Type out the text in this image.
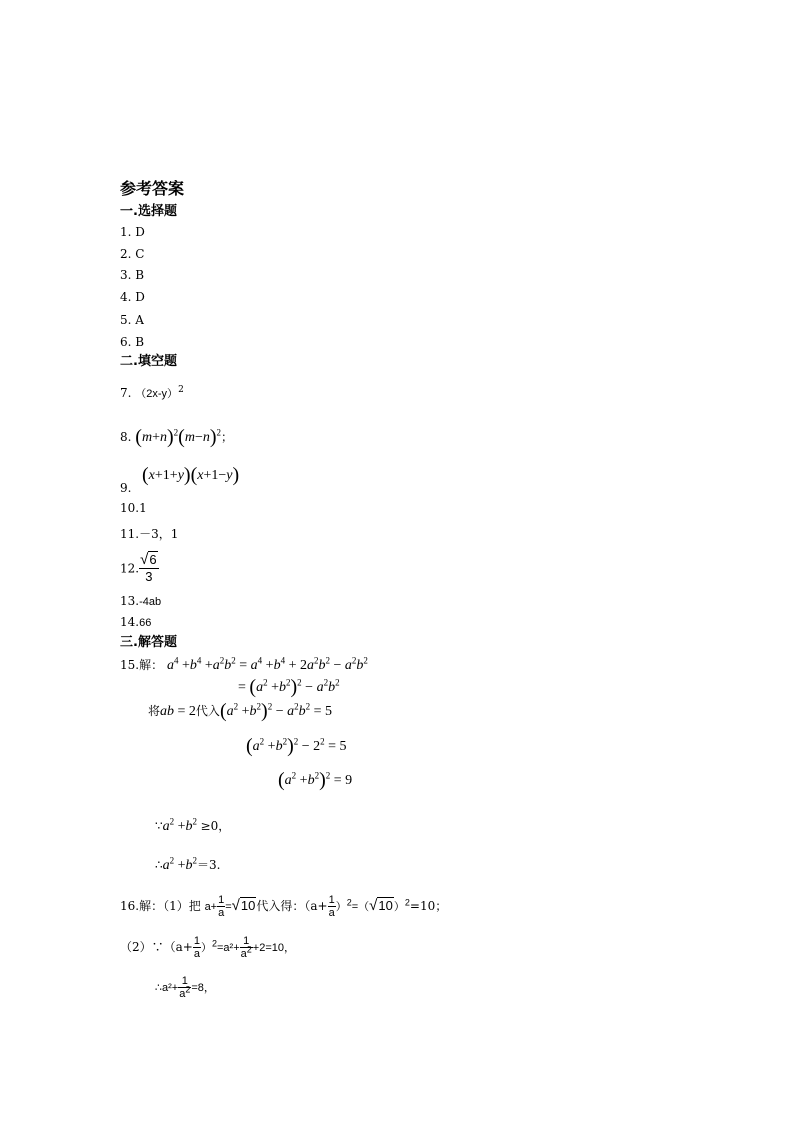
参考答案
一.选择题
1. D
2. C
3. B
4. D
5. A
6. B
二.填空题
7. $(2x-y)^2$
8. $(m+n)^2(m-n)^2$；
(x+1+y)(x+1−y)
9.
10.1
11.－3，1
12. $\frac{√6}{3}$
13.-4ab
14.66
三.解答题
15.解： $a^4 +b^4 +a^2b^2 = a^4 +b^4 + 2a^2b^2 - a^2b^2$
= $(a^2 +b^2)^2 - a^2b^2$
将ab = 2代入$(a^2 +b^2)^2 - a^2b^2 = 5$
$(a^2 +b^2)^2 - 2^2 = 5$
$(a^2 +b^2)^2 = 9$
$\because a^2 +b^2 \ge 0$，
$\therefore a^2 +b^2=3$.
16.解：（1）把 $a+ \frac{1}{a} =√10$代入得：$(a+ \frac{1}{a} )^2=(√10)^2=10$；
（2）∵（a+ $\frac{1}{a} )^2=a^2+ \frac{1}{a^2} +2=10$，
∴a²+ $\frac{1}{a^2} =8$，
